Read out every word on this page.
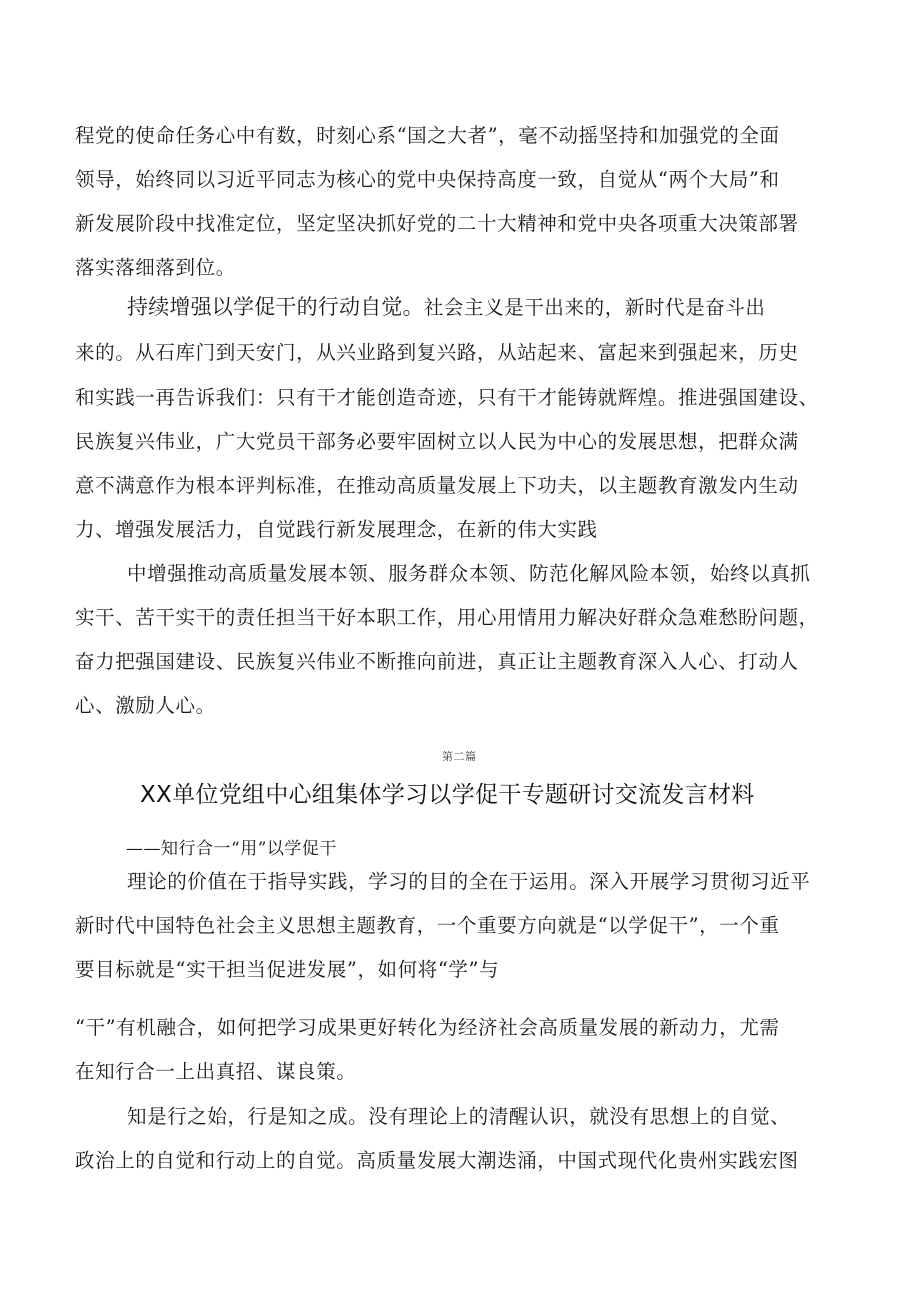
程党的使命任务心中有数，时刻心系“国之大者”，毫不动摇坚持和加强党的全面
领导，始终同以习近平同志为核心的党中央保持高度一致，自觉从“两个大局”和
新发展阶段中找准定位，坚定坚决抓好党的二十大精神和党中央各项重大决策部署
落实落细落到位。
持续增强以学促干的行动自觉。社会主义是干出来的，新时代是奋斗出
来的。从石库门到天安门，从兴业路到复兴路，从站起来、富起来到强起来，历史
和实践一再告诉我们：只有干才能创造奇迹，只有干才能铸就辉煌。推进强国建设、
民族复兴伟业，广大党员干部务必要牢固树立以人民为中心的发展思想，把群众满
意不满意作为根本评判标准，在推动高质量发展上下功夫，以主题教育激发内生动
力、增强发展活力，自觉践行新发展理念，在新的伟大实践
中增强推动高质量发展本领、服务群众本领、防范化解风险本领，始终以真抓
实干、苦干实干的责任担当干好本职工作，用心用情用力解决好群众急难愁盼问题，
奋力把强国建设、民族复兴伟业不断推向前进，真正让主题教育深入人心、打动人
心、激励人心。
第二篇
XX单位党组中心组集体学习以学促干专题研讨交流发言材料
——知行合一“用”以学促干
理论的价值在于指导实践，学习的目的全在于运用。深入开展学习贯彻习近平
新时代中国特色社会主义思想主题教育，一个重要方向就是“以学促干”，一个重
要目标就是“实干担当促进发展”，如何将“学”与
“干”有机融合，如何把学习成果更好转化为经济社会高质量发展的新动力，尤需
在知行合一上出真招、谋良策。
知是行之始，行是知之成。没有理论上的清醒认识，就没有思想上的自觉、
政治上的自觉和行动上的自觉。高质量发展大潮迭涌，中国式现代化贵州实践宏图
